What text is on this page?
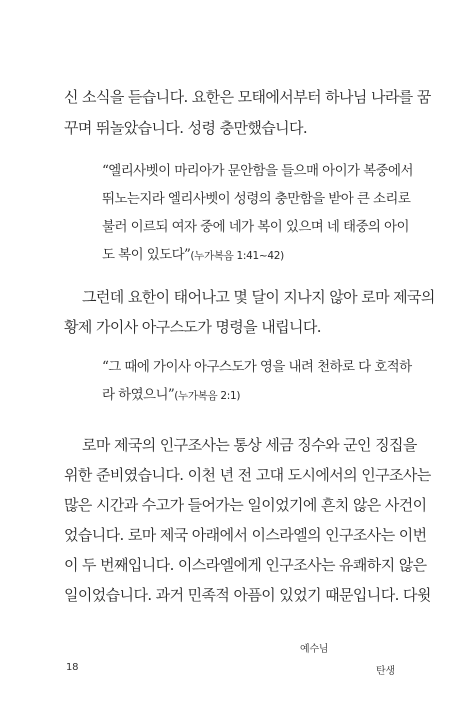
신 소식을 듣습니다. 요한은 모태에서부터 하나님 나라를 꿈
꾸며 뛰놀았습니다. 성령 충만했습니다.
“엘리사벳이 마리아가 문안함을 들으매 아이가 복중에서
뛰노는지라 엘리사벳이 성령의 충만함을 받아 큰 소리로
불러 이르되 여자 중에 네가 복이 있으며 네 태중의 아이
도 복이 있도다”(누가복음 1:41~42)
그런데 요한이 태어나고 몇 달이 지나지 않아 로마 제국의
황제 가이사 아구스도가 명령을 내립니다.
“그 때에 가이사 아구스도가 영을 내려 천하로 다 호적하
라 하였으니”(누가복음 2:1)
로마 제국의 인구조사는 통상 세금 징수와 군인 징집을
위한 준비였습니다. 이천 년 전 고대 도시에서의 인구조사는
많은 시간과 수고가 들어가는 일이었기에 흔치 않은 사건이
었습니다. 로마 제국 아래에서 이스라엘의 인구조사는 이번
이 두 번째입니다. 이스라엘에게 인구조사는 유쾌하지 않은
일이었습니다. 과거 민족적 아픔이 있었기 때문입니다. 다윗
예수님
18	탄생
